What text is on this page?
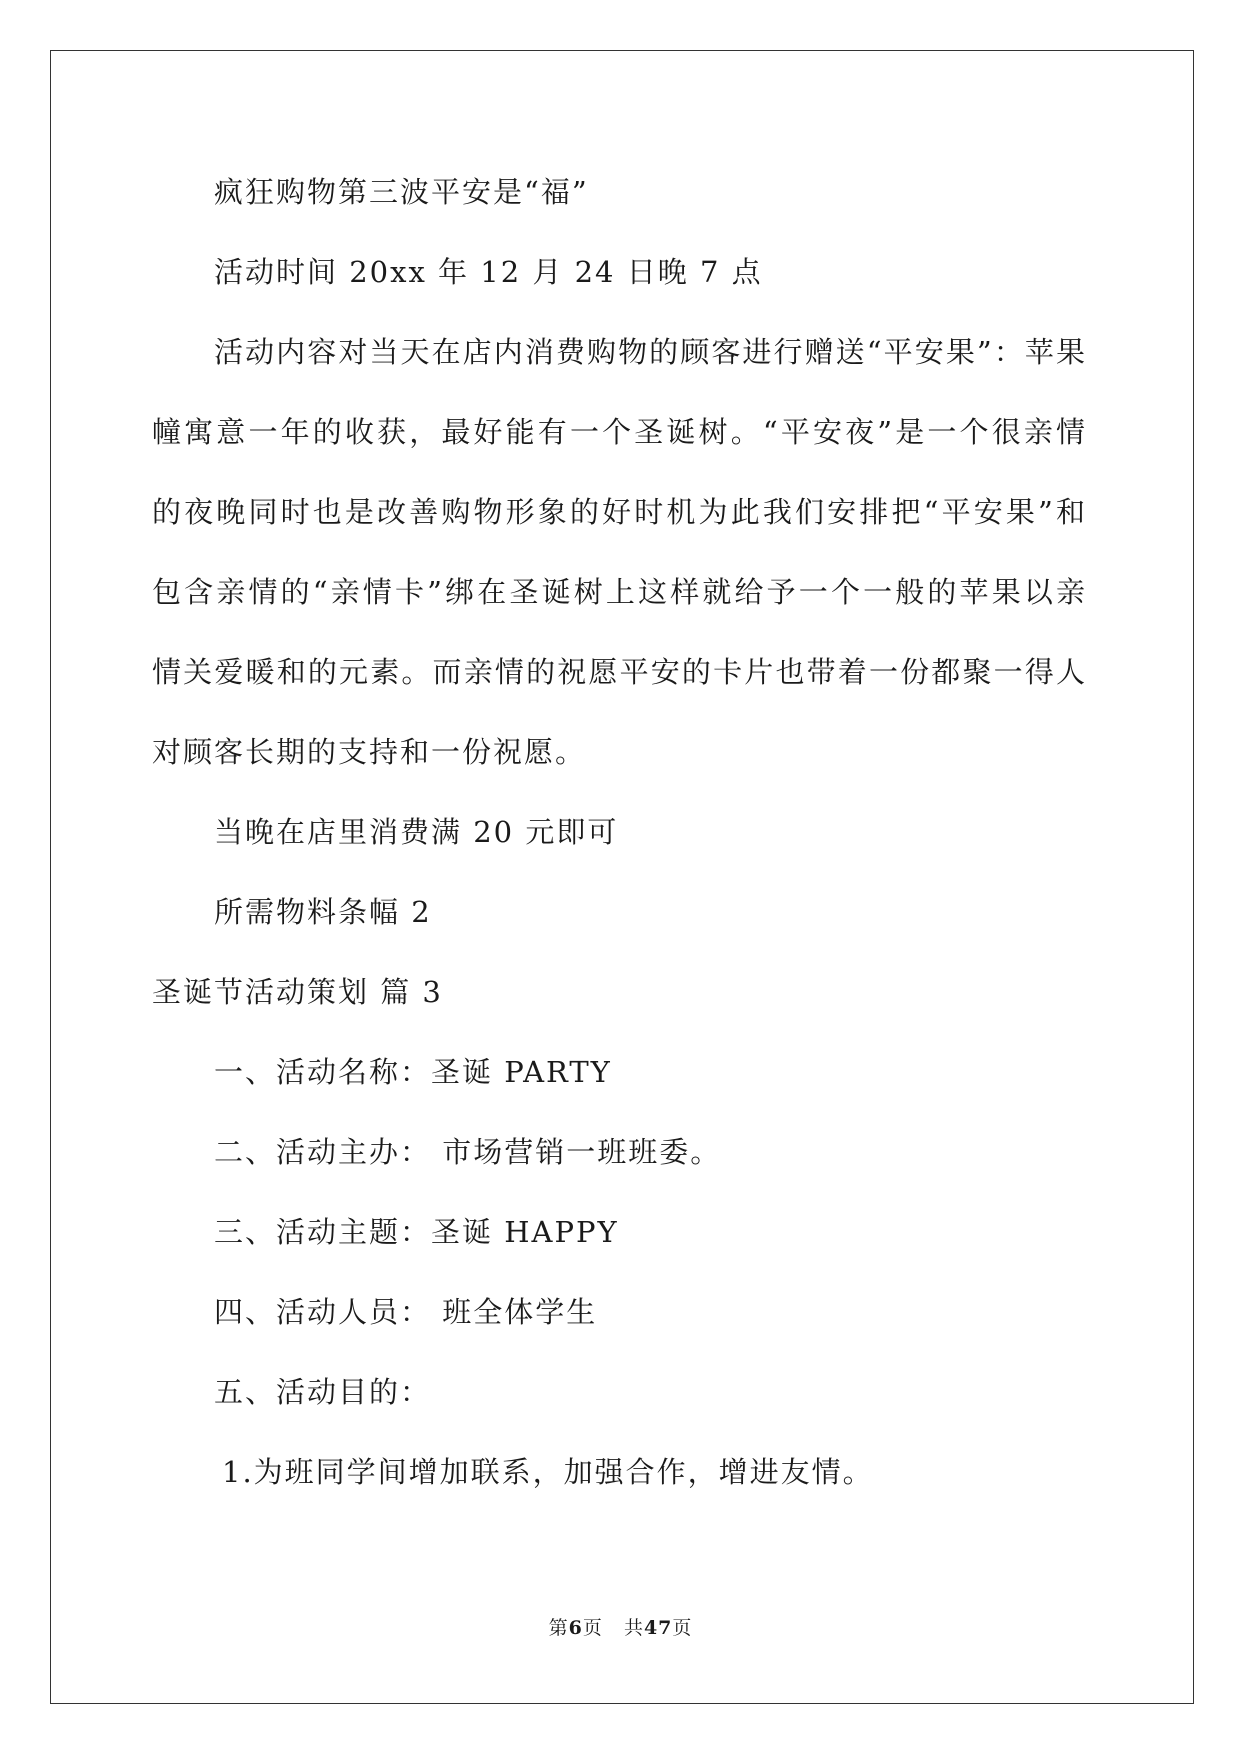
疯狂购物第三波平安是“福”
活动时间 20xx 年 12 月 24 日晚 7 点
活动内容对当天在店内消费购物的顾客进行赠送“平安果”：苹果
幢寓意一年的收获，最好能有一个圣诞树。“平安夜”是一个很亲情
的夜晚同时也是改善购物形象的好时机为此我们安排把“平安果”和
包含亲情的“亲情卡”绑在圣诞树上这样就给予一个一般的苹果以亲
情关爱暖和的元素。而亲情的祝愿平安的卡片也带着一份都聚一得人
对顾客长期的支持和一份祝愿。
当晚在店里消费满 20 元即可
所需物料条幅 2
圣诞节活动策划 篇 3
一、活动名称：圣诞 PARTY
二、活动主办： 市场营销一班班委。
三、活动主题：圣诞 HAPPY
四、活动人员： 班全体学生
五、活动目的：
1.为班同学间增加联系，加强合作，增进友情。
第6页   共47页
